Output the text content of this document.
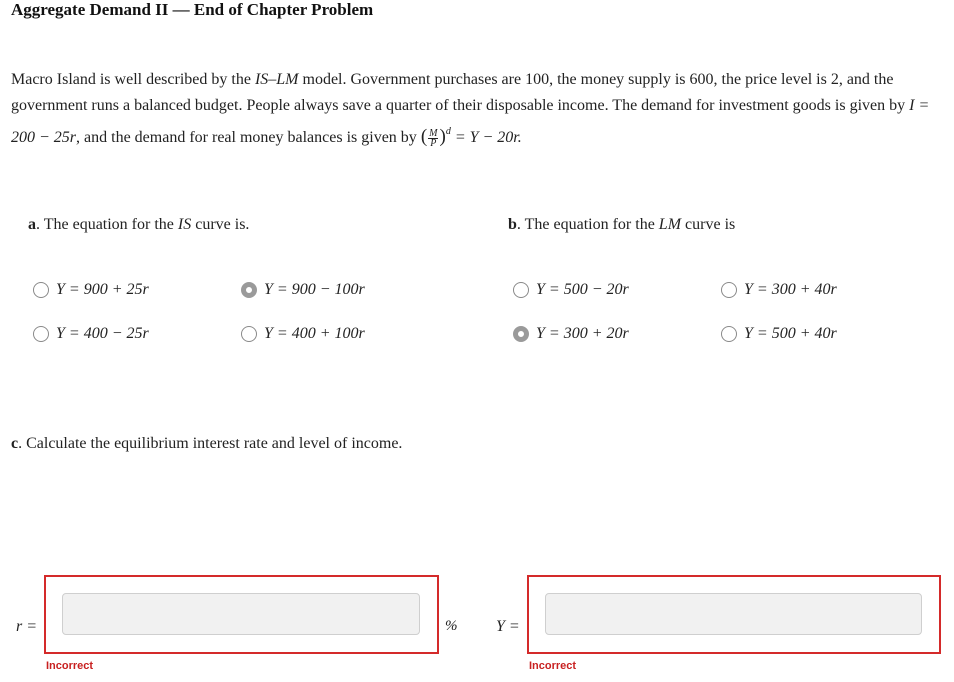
Aggregate Demand II — End of Chapter Problem
Macro Island is well described by the IS–LM model. Government purchases are 100, the money supply is 600, the price level is 2, and the government runs a balanced budget. People always save a quarter of their disposable income. The demand for investment goods is given by I = 200 − 25r, and the demand for real money balances is given by ( $\frac{M}{P} )^d = Y - 20r$.
a. The equation for the IS curve is.	b. The equation for the LM curve is
Y = 900 + 25r	Y = 900 − 100r
Y = 400 − 25r	Y = 400 + 100r
Y = 500 − 20r	Y = 300 + 40r
Y = 300 + 20r	Y = 500 + 40r
c. Calculate the equilibrium interest rate and level of income.
r =	%
Incorrect
Y =
Incorrect
